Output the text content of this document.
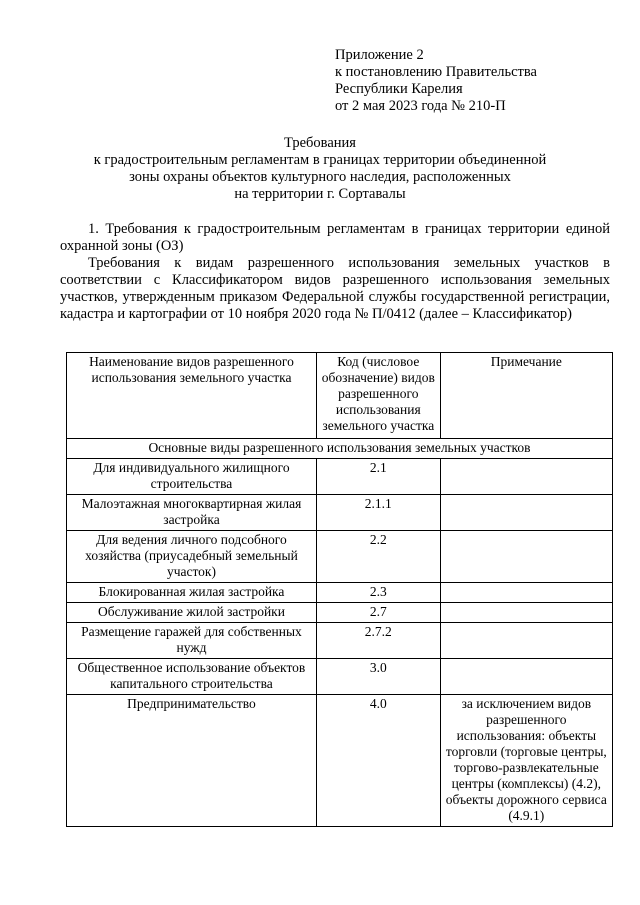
Приложение 2
к постановлению Правительства
Республики Карелия
от 2 мая 2023 года № 210-П
Требования
к градостроительным регламентам в границах территории объединенной
зоны охраны объектов культурного наследия, расположенных
на территории г. Сортавалы
1. Требования к градостроительным регламентам в границах территории единой охранной зоны (ОЗ)
Требования к видам разрешенного использования земельных участков в соответствии с Классификатором видов разрешенного использования земельных участков, утвержденным приказом Федеральной службы государственной регистрации, кадастра и картографии от 10 ноября 2020 года № П/0412 (далее – Классификатор)
Наименование видов разрешенного использования земельного участка	Код (числовое обозначение) видов разрешенного использования земельного участка	Примечание
Основные виды разрешенного использования земельных участков		
Для индивидуального жилищного строительства	2.1	
Малоэтажная многоквартирная жилая застройка	2.1.1	
Для ведения личного подсобного хозяйства (приусадебный земельный участок)	2.2	
Блокированная жилая застройка	2.3	
Обслуживание жилой застройки	2.7	
Размещение гаражей для собственных нужд	2.7.2	
Общественное использование объектов капитального строительства	3.0	
Предпринимательство	4.0	за исключением видов разрешенного использования: объекты торговли (торговые центры, торгово-развлекательные центры (комплексы) (4.2), объекты дорожного сервиса (4.9.1)
